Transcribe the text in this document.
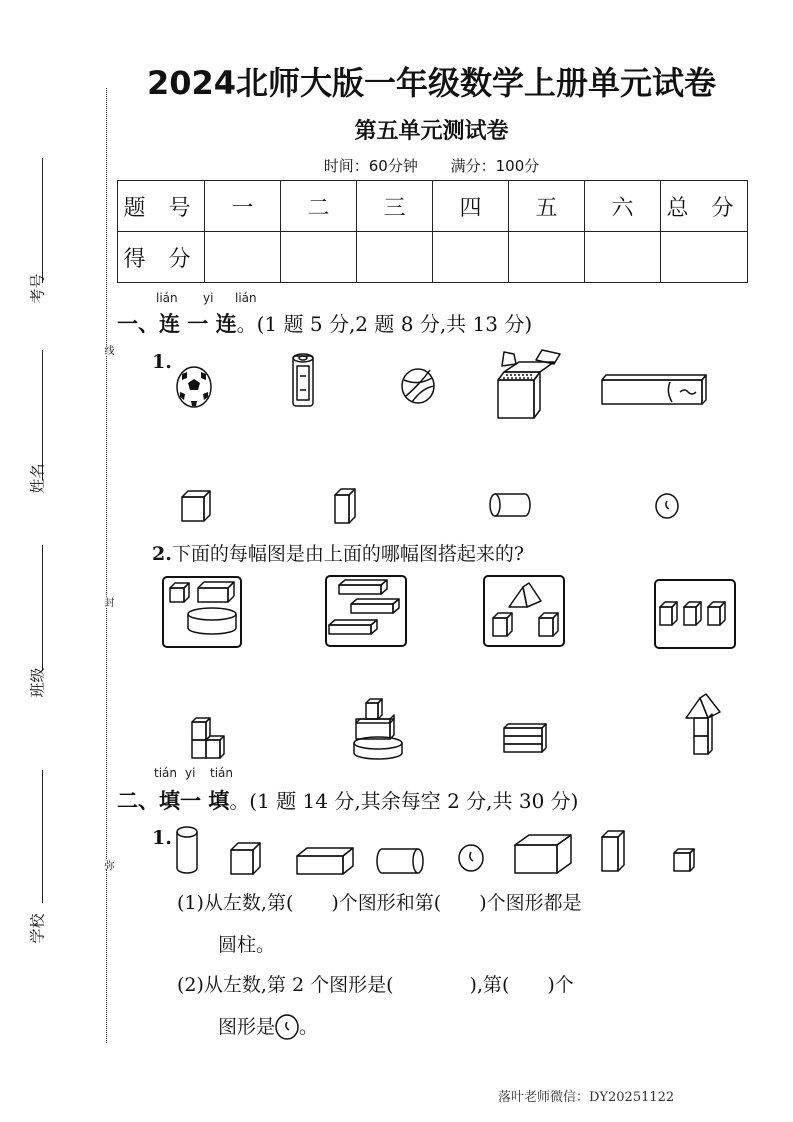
线
封
弥
考号
姓名
班级
学校
2024北师大版一年级数学上册单元试卷
第五单元测试卷
时间：60分钟 满分：100分
题 号	一	二	三	四	五	六	总 分
得 分							
lián yi lián
一、连 一 连。(1 题 5 分,2 题 8 分,共 13 分)
1.
2.下面的每幅图是由上面的哪幅图搭起来的?
tián yi tián
二、填一 填。(1 题 14 分,其余每空 2 分,共 30 分)
1.
(1)从左数,第(　　)个图形和第(　　)个图形都是
圆柱。
(2)从左数,第 2 个图形是(　　　　),第(　　)个
图形是 。
落叶老师微信：DY20251122
